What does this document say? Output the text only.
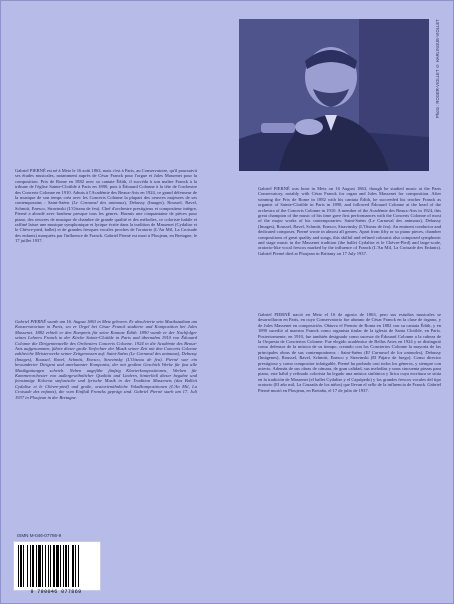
Photo : ROGER-VIOLLET © HARLINGUE-VIOLLET
Gabriel PIERNÉ est né à Metz le 16 août 1863, mais c'est à Paris, au Conservatoire, qu'il poursuivit ses études musicales, notamment auprès de César Franck pour l'orgue et Jules Massenet pour la composition. Prix de Rome en 1882 avec sa cantate Édith, il succéda à son maître Franck à la tribune de l'église Sainte-Clotilde à Paris en 1890, puis à Édouard Colonne à la tête de l'orchestre des Concerts Colonne en 1910. Admis à l'Académie des Beaux-Arts en 1924, ce grand défenseur de la musique de son temps créa avec les Concerts Colonne la plupart des oeuvres majeures de ses contemporains : Saint-Saëns (Le Carnaval des animaux), Debussy (Images), Roussel, Ravel, Schmitt, Enesco, Stravinski (L'Oiseau de feu). Chef d'orchestre prestigieux et compositeur intègre, Pierné a abordé avec bonheur presque tous les genres. Hormis une cinquantaine de pièces pour piano, des oeuvres de musique de chambre de grande qualité et des mélodies, ce coloriste habile et raffiné laisse une musique symphonique et lyrique écrite dans la tradition de Massenet (Cydalise et le Chèvre-pied, ballet) et de grandes fresques vocales proches de l'oratorio (L'An Mil, La Croisade des enfants) marquées par l'influence de Franck. Gabriel Pierné est mort à Ploujean, en Bretagne, le 17 juillet 1937.
Gabriel PIERNÉ wurde am 16. August 1863 in Metz geboren. Er absolvierte sein Musikstudium am Konservatorium in Paris, wo er Orgel bei César Franck studierte und Komposition bei Jules Massenet. 1882 erhielt er den Rompreis für seine Kantate Édith. 1890 wurde er der Nachfolger seines Lehrers Franck in der Kirche Sainte-Clotilde in Paris und übernahm 1910 von Édouard Colonne die Dirigentenstelle des Orchesters Concerts Colonne. 1924 in die Académie des Beaux-Arts aufgenommen, führte dieser große Verfechter der Musik seiner Zeit mit den Concerts Colonne zahlreiche Meisterwerke seiner Zeitgenossen auf: Saint-Saëns (Le Carnaval des animaux), Debussy (Images), Roussel, Ravel, Schmitt, Enesco, Stravinsky (L'Oiseau de feu). Pierné war ein bewunderter Dirigent und anerkannter Komponist, der mit großem Geschick Werke für fast alle Musikgattungen schrieb. Neben ungefähr fünfzig Klavierkompositionen, Werken für Kammerorchester von außergewöhnlicher Qualität und Liedern, hinterließ dieser begabte und feinsinnige Kolorist sinfonische und lyrische Musik in der Tradition Massenets (das Ballett Cydalise et le Chèvre-pied) und große, oratorienähnliche Vokalkompositionen (L'An Mil, La Croisade des enfants), die vom Einfluß Francks geprägt sind. Gabriel Pierné starb am 17. Juli 1937 in Ploujean in der Bretagne.
Gabriel PIERNÉ was born in Metz on 16 August 1863, though he studied music at the Paris Conservatory, notably with César Franck for organ and Jules Massenet for composition. After winning the Prix de Rome in 1882 with his cantata Édith, he succeeded his teacher Franck as organist of Sainte-Clotilde in Paris in 1890, and followed Édouard Colonne at the head of the orchestra of the Concerts Colonne in 1910. A member of the Académie des Beaux-Arts in 1924, this great champion of the music of his time gave first performances with the Concerts Colonne of most of the major works of his contemporaries: Saint-Saëns (Le Carnaval des animaux), Debussy (Images), Roussel, Ravel, Schmitt, Enesco, Stravinsky (L'Oiseau de feu). An eminent conductor and dedicated composer, Pierné wrote in almost all genres. Apart from fifty or so piano pieces, chamber compositions of great quality and songs, this skilful and refined colourist also composed symphonic and stage music in the Massenet tradition (the ballet Cydalise et le Chèvre-Pied) and large-scale, oratorio-like vocal frescos marked by the influence of Franck (L'An Mil, La Croisade des Enfants). Gabriel Pierné died at Ploujean in Brittany on 17 July 1937.
Gabriel PIERNÉ nació en Metz el 16 de agosto de 1863, pero sus estudios musicales se desarrollaron en París, en cuyo Conservatorio fue alumno de César Franck en la clase de órgano, y de Jules Massenet en composición. Obtuvo el Premio de Roma en 1882 con su cantata Édith, y en 1890 sucedió al maestro Franck como organista titular de la iglesia de Santa Clotilde, en París. Posteriormente, en 1910, fue también designado como sucesor de Édouard Colonne a la cabeza de la Orquesta de Conciertos Colonne. Fue elegido académico de Bellas Artes en 1924 y se distinguió como defensor de la música de su tiempo, creando con los Conciertos Colonne la mayoría de las principales obras de sus contemporáneos : Saint-Saëns (El Carnaval de los animales), Debussy (Imágenes), Roussel, Ravel, Schmitt, Enesco y Stravinski (El Pájaro de fuego). Como director prestigioso y como compositor infatigable, Pierné ha probado casi todos los géneros, y siempre con acierto. Además de sus obras de cámara, de gran calidad, sus melodías y unas cincuenta piezas para piano, este hábil y refinado colorista ha legado una música sinfónica y lírica cuya escritura se sitúa en la tradición de Massenet (el ballet Cydalise y el Caprípedo) y los grandes frescos vocales del tipo oratorio (El año mil, La Cruzada de los niños) que llevan el sello de la influencia de Franck. Gabriel Pierné murió en Ploujean, en Bretaña, el 17 de julio de 1937.
ISMN M-046-07786-9
9 790046 077869
